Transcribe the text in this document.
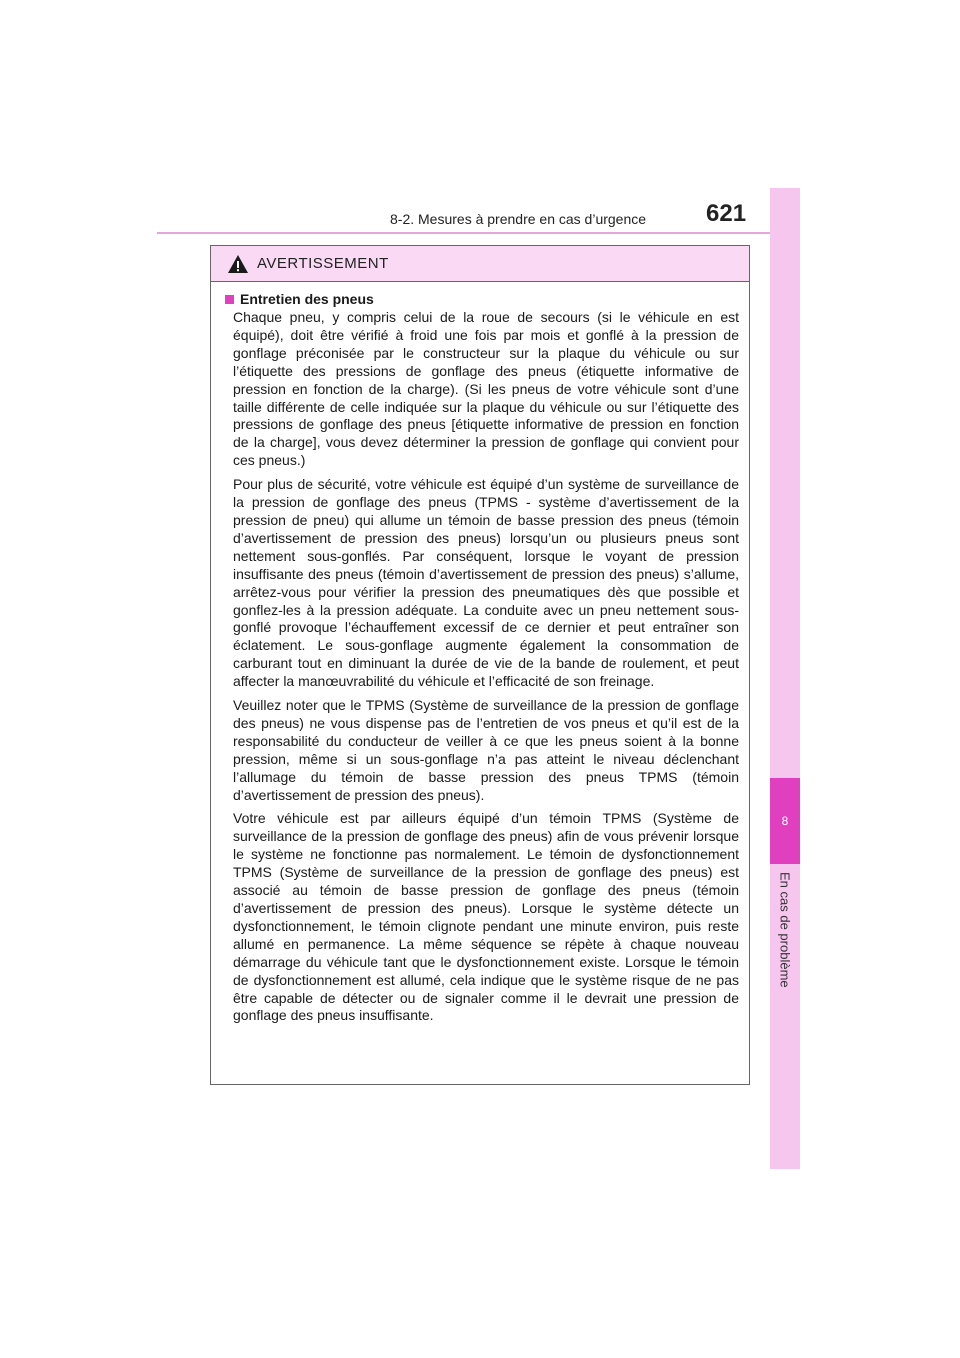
8-2. Mesures à prendre en cas d’urgence 621
8
En cas de problème
AVERTISSEMENT
Entretien des pneus

Chaque pneu, y compris celui de la roue de secours (si le véhicule en est équipé), doit être vérifié à froid une fois par mois et gonflé à la pression de gonflage préconisée par le constructeur sur la plaque du véhicule ou sur l’étiquette des pressions de gonflage des pneus (étiquette informative de pression en fonction de la charge). (Si les pneus de votre véhicule sont d’une taille différente de celle indiquée sur la plaque du véhicule ou sur l’étiquette des pressions de gonflage des pneus [étiquette informative de pression en fonction de la charge], vous devez déterminer la pression de gonflage qui convient pour ces pneus.)

Pour plus de sécurité, votre véhicule est équipé d’un système de surveillance de la pression de gonflage des pneus (TPMS - système d’avertissement de la pression de pneu) qui allume un témoin de basse pression des pneus (témoin d’avertissement de pression des pneus) lorsqu’un ou plusieurs pneus sont nettement sous-gonflés. Par conséquent, lorsque le voyant de pression insuffisante des pneus (témoin d’avertissement de pression des pneus) s’allume, arrêtez-vous pour vérifier la pression des pneumatiques dès que possible et gonflez-les à la pression adéquate. La conduite avec un pneu nettement sous-gonflé provoque l’échauffement excessif de ce dernier et peut entraîner son éclatement. Le sous-gonflage augmente également la consommation de carburant tout en diminuant la durée de vie de la bande de roulement, et peut affecter la manœuvrabilité du véhicule et l’efficacité de son freinage.

Veuillez noter que le TPMS (Système de surveillance de la pression de gonflage des pneus) ne vous dispense pas de l’entretien de vos pneus et qu’il est de la responsabilité du conducteur de veiller à ce que les pneus soient à la bonne pression, même si un sous-gonflage n’a pas atteint le niveau déclenchant l’allumage du témoin de basse pression des pneus TPMS (témoin d’avertissement de pression des pneus).

Votre véhicule est par ailleurs équipé d’un témoin TPMS (Système de surveillance de la pression de gonflage des pneus) afin de vous prévenir lorsque le système ne fonctionne pas normalement. Le témoin de dysfonctionnement TPMS (Système de surveillance de la pression de gonflage des pneus) est associé au témoin de basse pression de gonflage des pneus (témoin d’avertissement de pression des pneus). Lorsque le système détecte un dysfonctionnement, le témoin clignote pendant une minute environ, puis reste allumé en permanence. La même séquence se répète à chaque nouveau démarrage du véhicule tant que le dysfonctionnement existe. Lorsque le témoin de dysfonctionnement est allumé, cela indique que le système risque de ne pas être capable de détecter ou de signaler comme il le devrait une pression de gonflage des pneus insuffisante.
